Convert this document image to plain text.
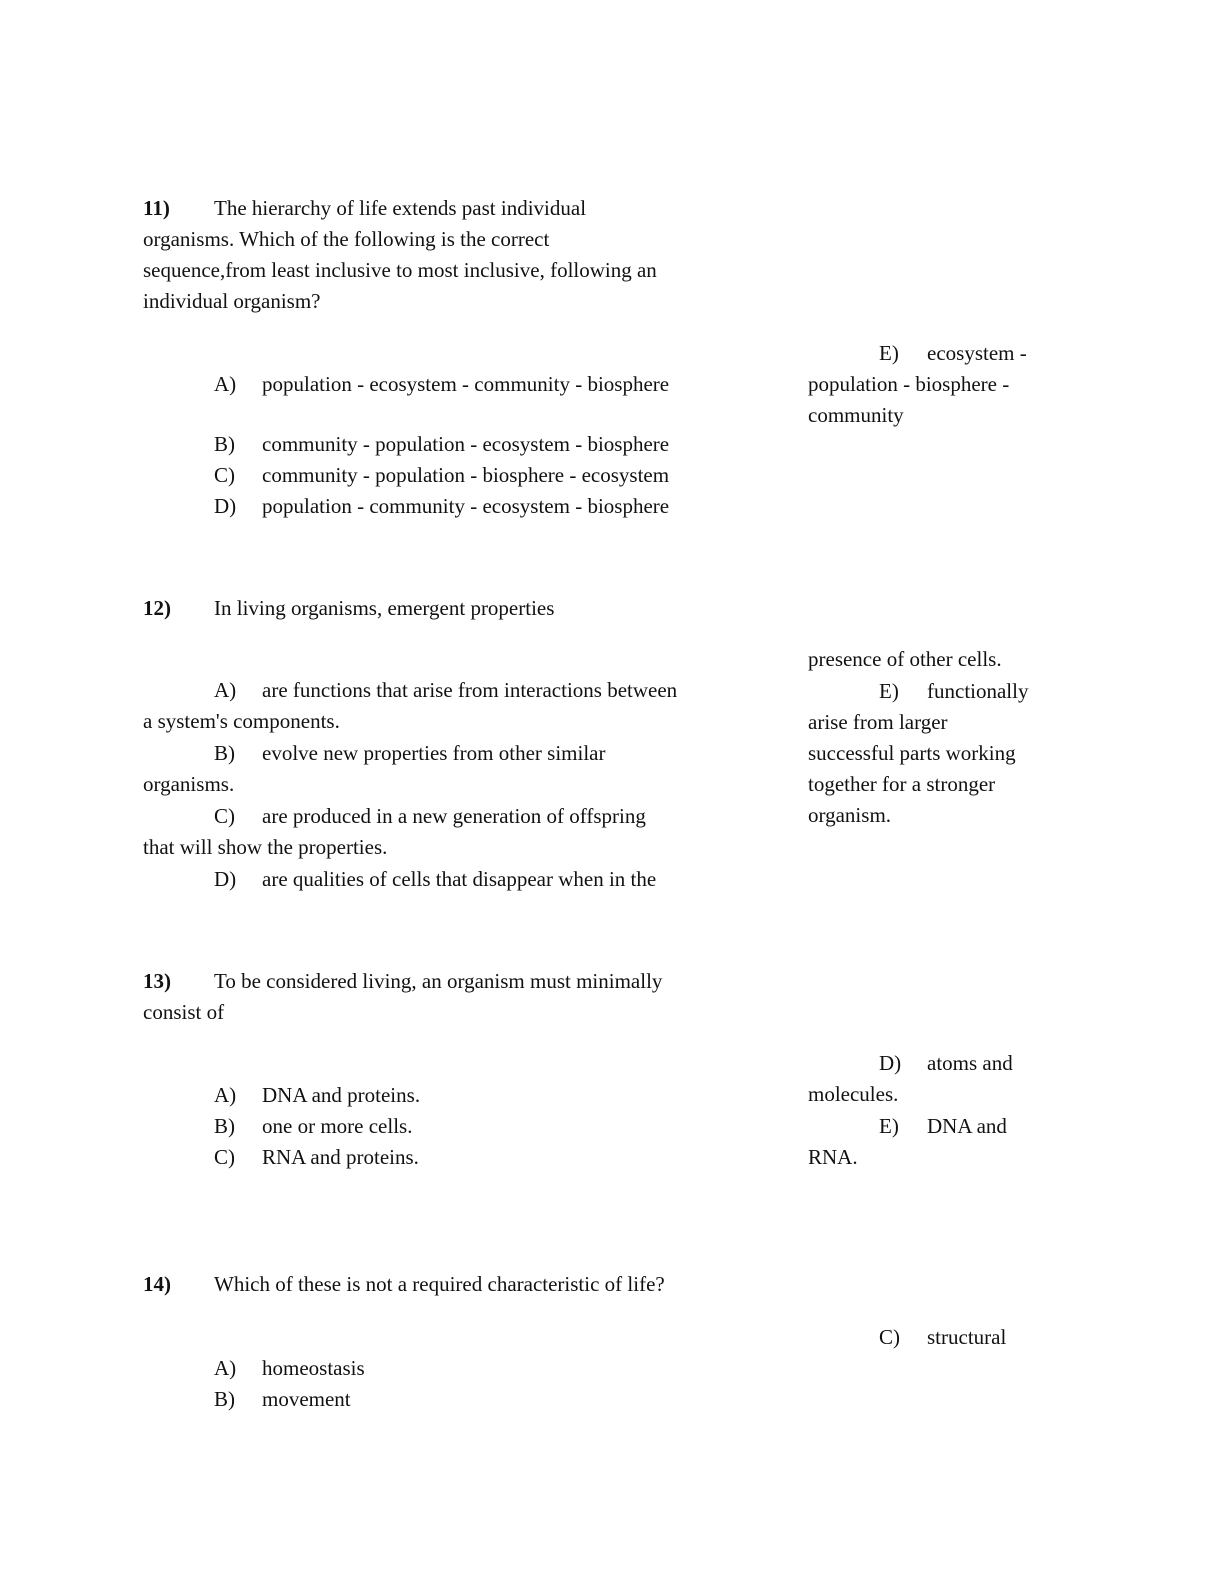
11) The hierarchy of life extends past individual
organisms. Which of the following is the correct
sequence,from least inclusive to most inclusive, following an
individual organism?
A) population - ecosystem - community - biosphere
B) community - population - ecosystem - biosphere
C) community - population - biosphere - ecosystem
D) population - community - ecosystem - biosphere
E) ecosystem -
population - biosphere -
community
12) In living organisms, emergent properties
A) are functions that arise from interactions between
a system's components.
B) evolve new properties from other similar
organisms.
C) are produced in a new generation of offspring
that will show the properties.
D) are qualities of cells that disappear when in the
presence of other cells.
E) functionally
arise from larger
successful parts working
together for a stronger
organism.
13) To be considered living, an organism must minimally
consist of
A) DNA and proteins.
B) one or more cells.
C) RNA and proteins.
D) atoms and
molecules.
E) DNA and
RNA.
14) Which of these is not a required characteristic of life?
A) homeostasis
B) movement
C) structural
